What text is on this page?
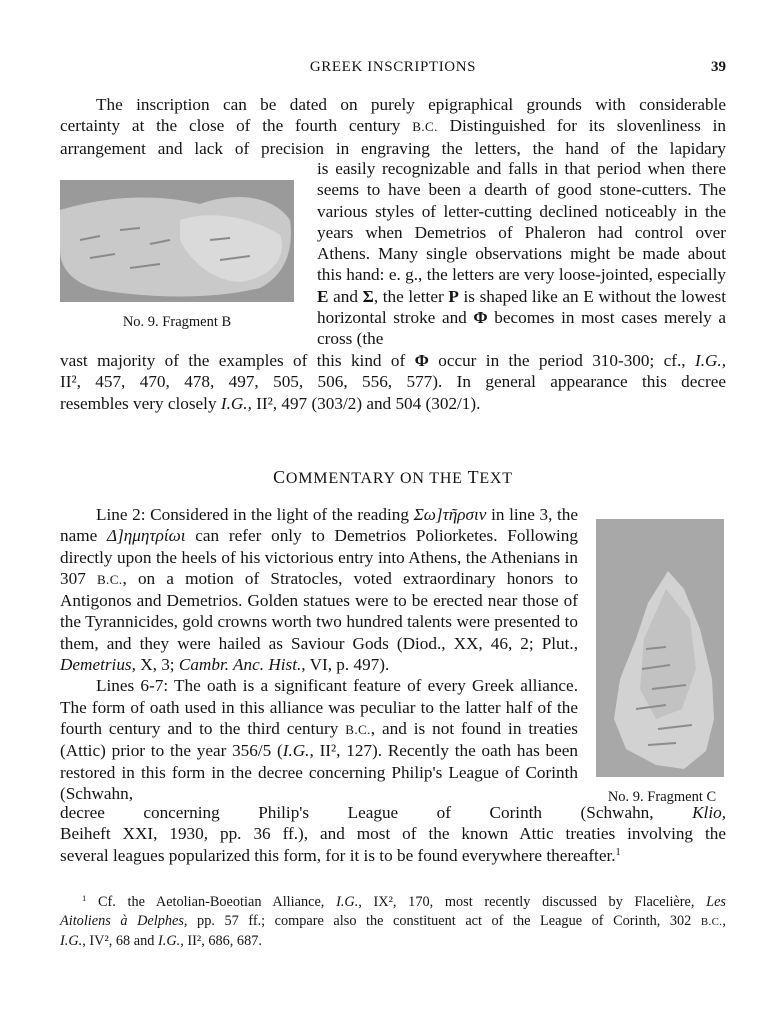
GREEK INSCRIPTIONS	39
The inscription can be dated on purely epigraphical grounds with considerable
certainty at the close of the fourth century B.C. Distinguished for its slovenliness in
arrangement and lack of precision in engraving the letters, the hand of the lapidary
No. 9. Fragment B
is easily recognizable and falls in that period when there seems to have been a dearth of good stone-cutters. The various styles of letter-cutting declined noticeably in the years when Demetrios of Phaleron had control over Athens. Many single observations might be made about this hand: e. g., the letters are very loose-jointed, especially E and Σ, the letter P is shaped like an E without the lowest horizontal stroke and Φ becomes in most cases merely a cross (the
vast majority of the examples of this kind of Φ occur in the period 310-300; cf., I.G.,
II², 457, 470, 478, 497, 505, 506, 556, 577). In general appearance this decree
resembles very closely I.G., II², 497 (303/2) and 504 (302/1).
COMMENTARY ON THE TEXT
No. 9. Fragment C
Line 2: Considered in the light of the reading Σω]τῆρσιν in line 3, the name Δ]ημητρίωι can refer only to Demetrios Poliorketes. Following directly upon the heels of his victorious entry into Athens, the Athenians in 307 B.C., on a motion of Stratocles, voted extraordinary honors to Antigonos and Demetrios. Golden statues were to be erected near those of the Tyrannicides, gold crowns worth two hundred talents were presented to them, and they were hailed as Saviour Gods (Diod., XX, 46, 2; Plut., Demetrius, X, 3; Cambr. Anc. Hist., VI, p. 497).
Lines 6-7: The oath is a significant feature of every Greek alliance. The form of oath used in this alliance was peculiar to the latter half of the fourth century and to the third century B.C., and is not found in treaties (Attic) prior to the year 356/5 (I.G., II², 127). Recently the oath has been restored in this form in the decree concerning Philip's League of Corinth (Schwahn,
decree concerning Philip's League of Corinth (Schwahn, Klio,
Beiheft XXI, 1930, pp. 36 ff.), and most of the known Attic treaties involving the
several leagues popularized this form, for it is to be found everywhere thereafter.$^1$
$^1$ Cf. the Aetolian-Boeotian Alliance, I.G., IX², 170, most recently discussed by Flacelière, Les
Aitoliens à Delphes, pp. 57 ff.; compare also the constituent act of the League of Corinth, 302 B.C.,
I.G., IV², 68 and I.G., II², 686, 687.
